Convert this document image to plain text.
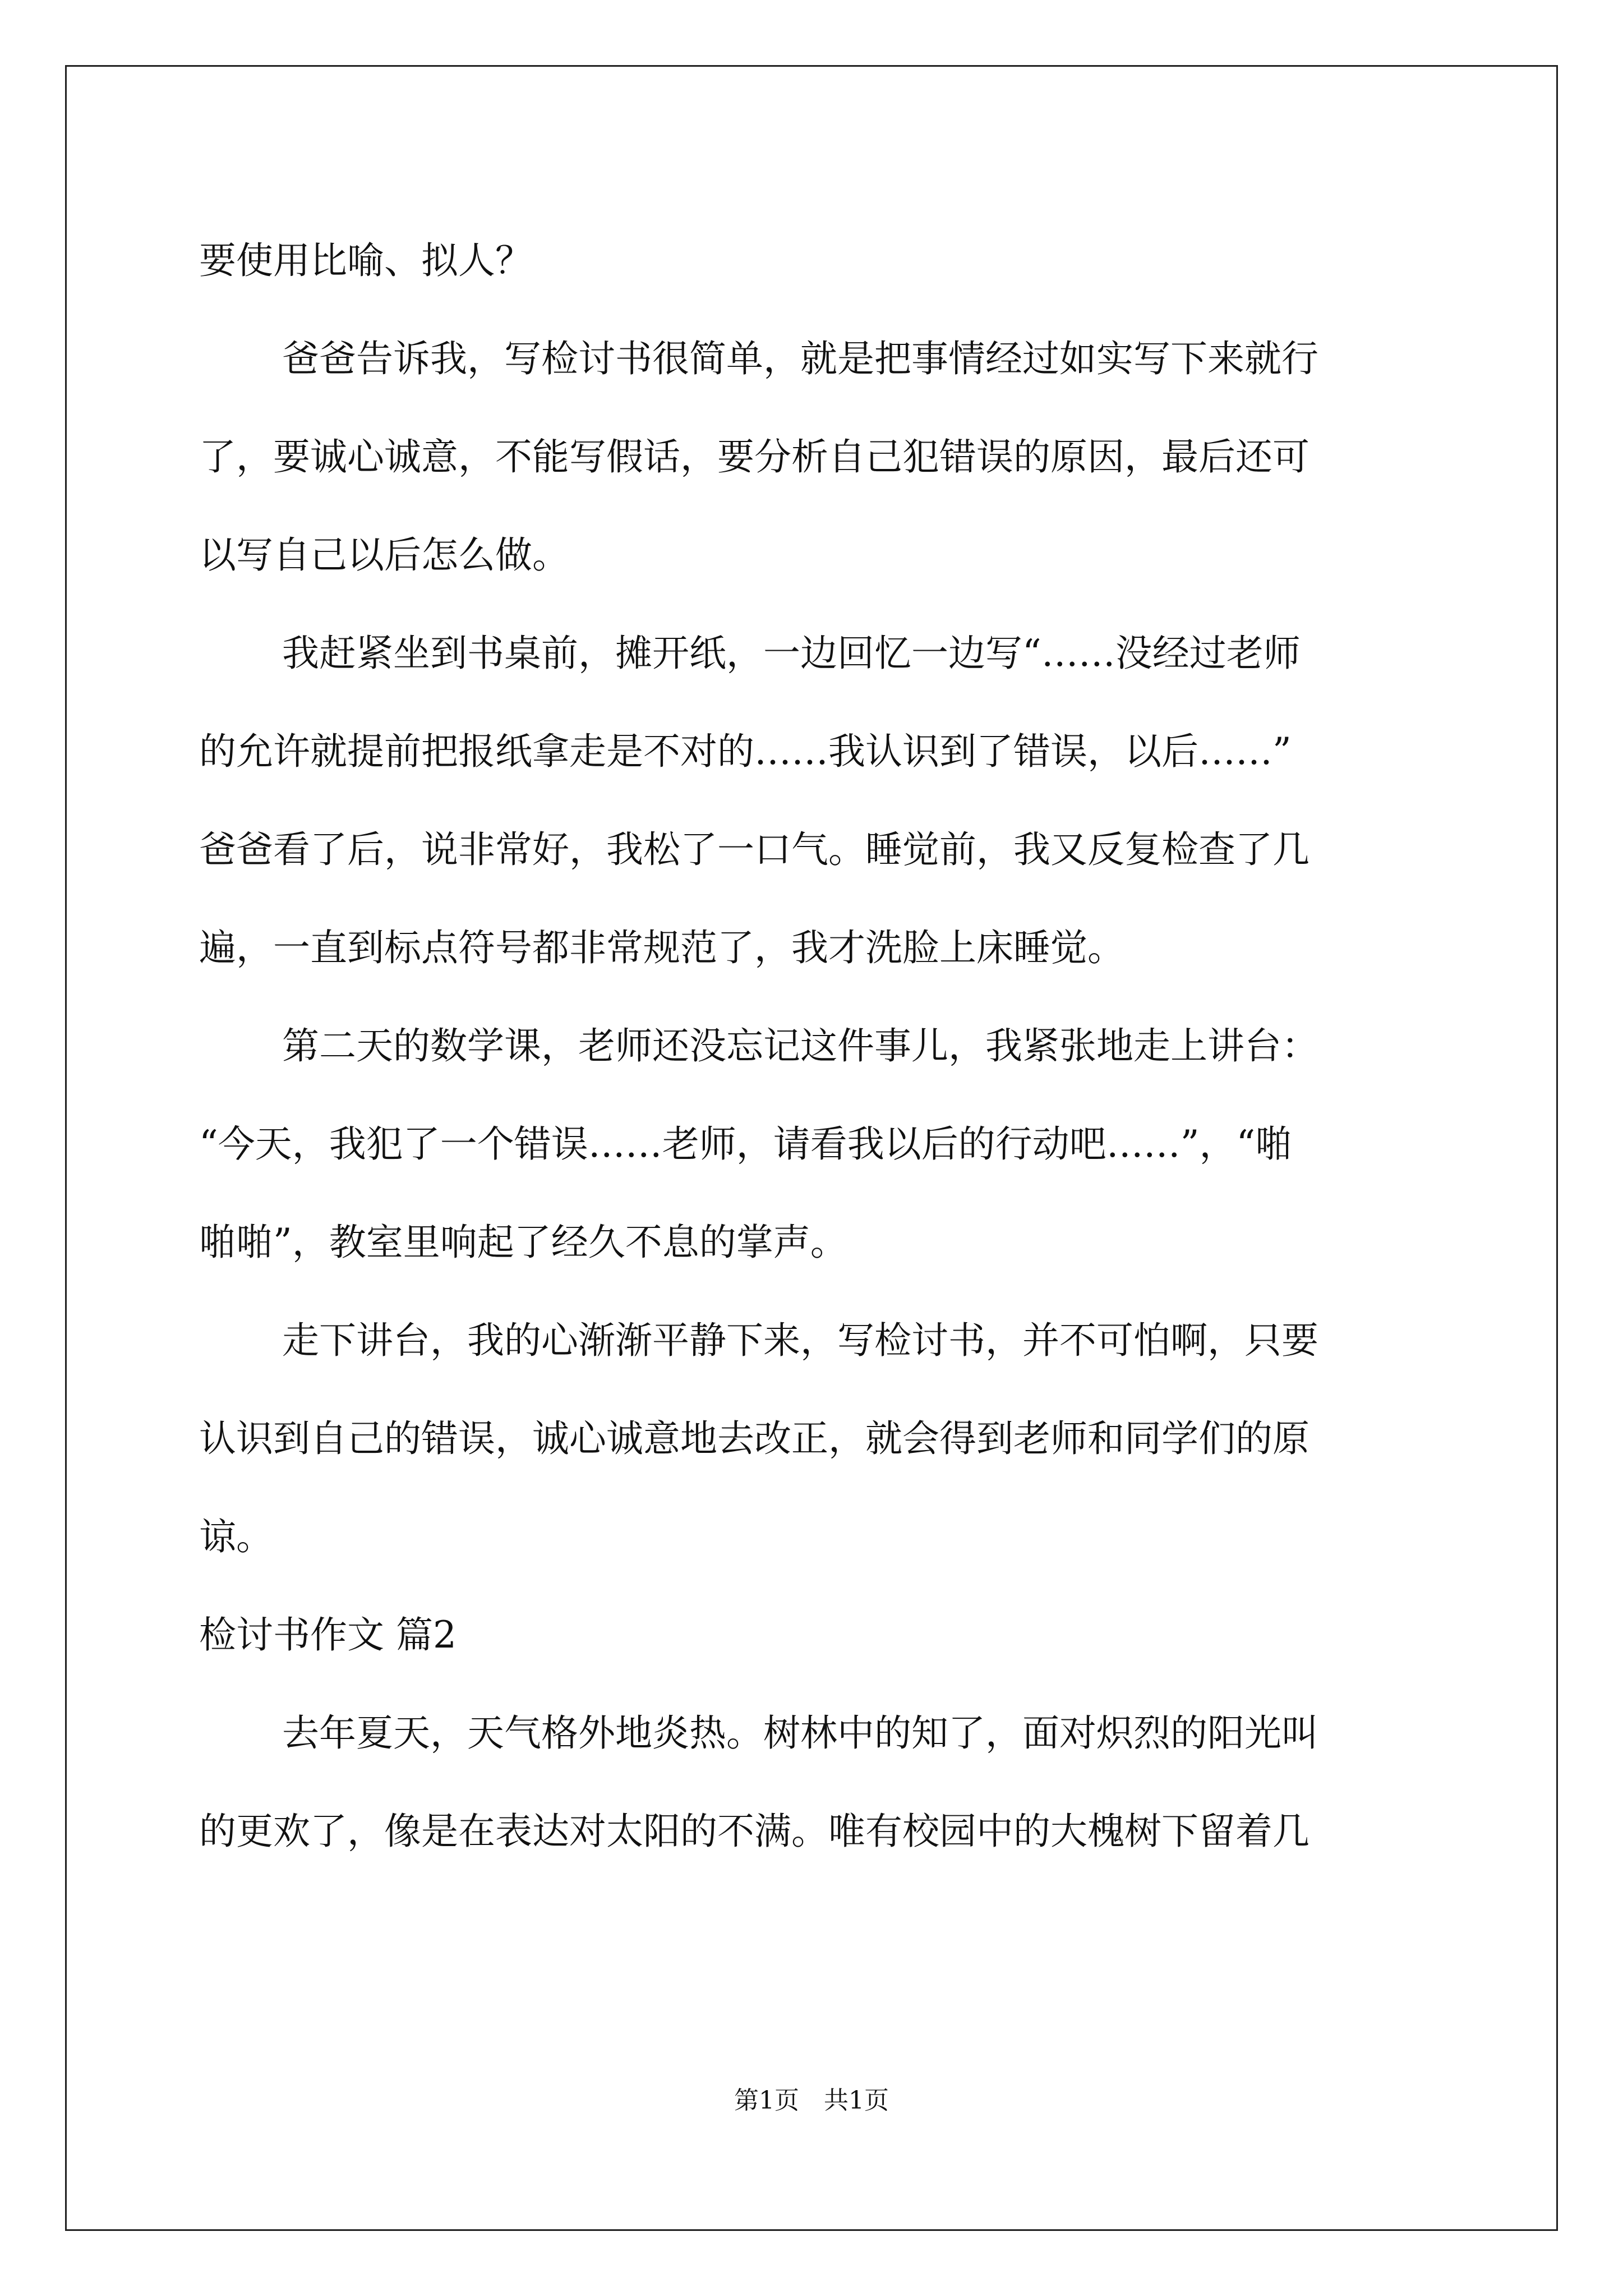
要使用比喻、拟人？
爸爸告诉我，写检讨书很简单，就是把事情经过如实写下来就行
了，要诚心诚意，不能写假话，要分析自己犯错误的原因，最后还可
以写自己以后怎么做。
我赶紧坐到书桌前，摊开纸，一边回忆一边写“……没经过老师
的允许就提前把报纸拿走是不对的……我认识到了错误，以后……”
爸爸看了后，说非常好，我松了一口气。睡觉前，我又反复检查了几
遍，一直到标点符号都非常规范了，我才洗脸上床睡觉。
第二天的数学课，老师还没忘记这件事儿，我紧张地走上讲台：
“今天，我犯了一个错误……老师，请看我以后的行动吧……”，“啪
啪啪”，教室里响起了经久不息的掌声。
走下讲台，我的心渐渐平静下来，写检讨书，并不可怕啊，只要
认识到自己的错误，诚心诚意地去改正，就会得到老师和同学们的原
谅。
检讨书作文 篇2
去年夏天，天气格外地炎热。树林中的知了，面对炽烈的阳光叫
的更欢了，像是在表达对太阳的不满。唯有校园中的大槐树下留着几
第1页　共1页
